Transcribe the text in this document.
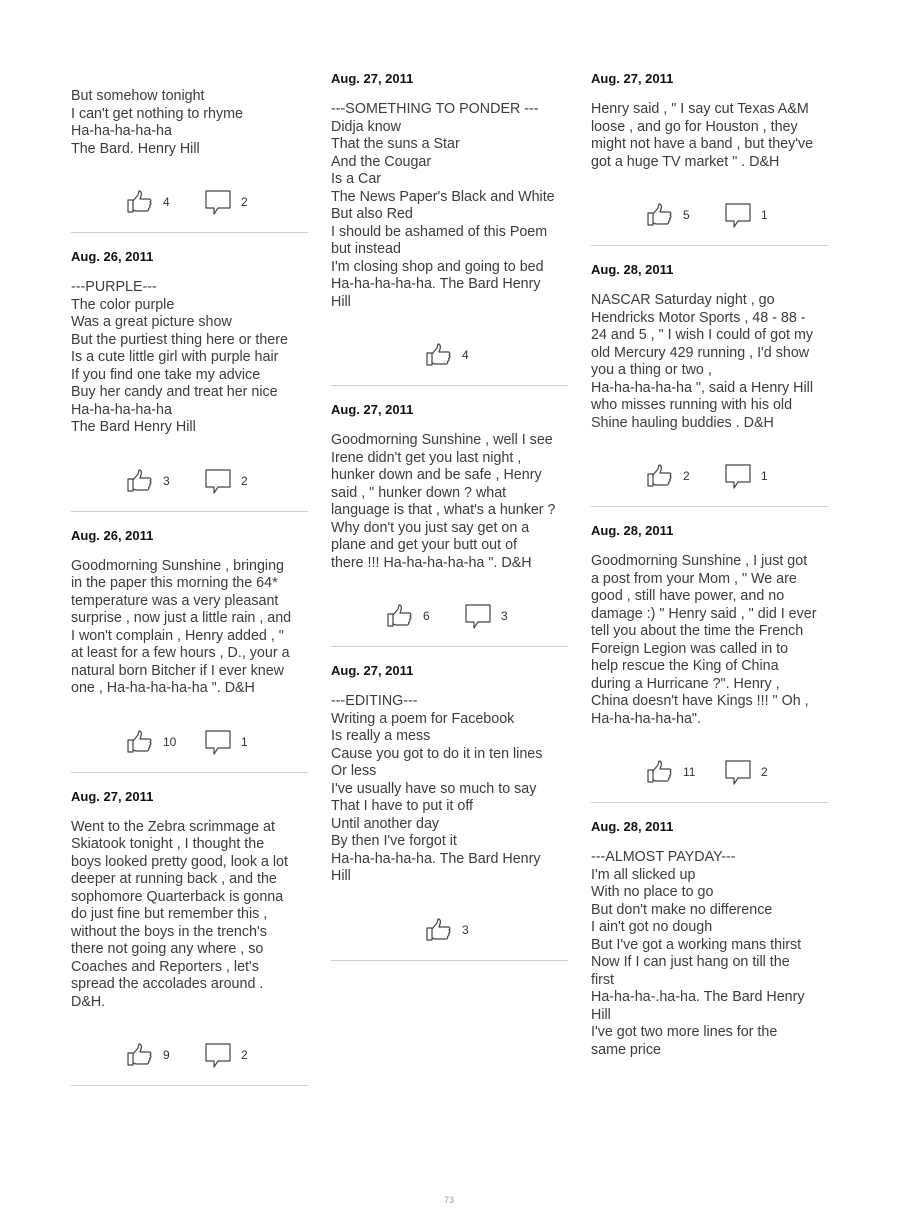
But somehow tonight
I can't get nothing to rhyme
Ha-ha-ha-ha-ha
The Bard. Henry Hill

4	2
Aug. 26, 2011

---PURPLE---
The color purple
Was a great picture show
But the purtiest thing here or there
Is a cute little girl with purple hair
If you find one take my advice
Buy her candy and treat her nice
Ha-ha-ha-ha-ha
The Bard Henry Hill

3	2
Aug. 26, 2011

Goodmorning Sunshine , bringing
in the paper this morning the 64*
temperature was a very pleasant
surprise , now just a little rain , and
I won't complain , Henry added , "
at least for a few hours , D., your a
natural born Bitcher if I ever knew
one , Ha-ha-ha-ha-ha ". D&H

10	1
Aug. 27, 2011

Went to the Zebra scrimmage at
Skiatook tonight , I thought the
boys looked pretty good, look a lot
deeper at running back , and the
sophomore Quarterback is gonna
do just fine but remember this ,
without the boys in the trench's
there not going any where , so
Coaches and Reporters , let's
spread the accolades around .
D&H.

9	2
Aug. 27, 2011

---SOMETHING TO PONDER ---
Didja know
That the suns a Star
And the Cougar
Is a Car
The News Paper's Black and White
But also Red
I should be ashamed of this Poem
but instead
I'm closing shop and going to bed
Ha-ha-ha-ha-ha. The Bard Henry
Hill

4
Aug. 27, 2011

Goodmorning Sunshine , well I see
Irene didn't get you last night ,
hunker down and be safe , Henry
said , " hunker down ? what
language is that , what's a hunker ?
Why don't you just say get on a
plane and get your butt out of
there !!! Ha-ha-ha-ha-ha ". D&H

6	3
Aug. 27, 2011

---EDITING---
Writing a poem for Facebook
Is really a mess
Cause you got to do it in ten lines
Or less
I've usually have so much to say
That I have to put it off
Until another day
By then I've forgot it
Ha-ha-ha-ha-ha. The Bard Henry
Hill

3
Aug. 27, 2011

Henry said , " I say cut Texas A&M
loose , and go for Houston , they
might not have a band , but they've
got a huge TV market " . D&H

5	1
Aug. 28, 2011

NASCAR Saturday night , go
Hendricks Motor Sports , 48 - 88 -
24 and 5 , " I wish I could of got my
old Mercury 429 running , I'd show
you a thing or two ,
Ha-ha-ha-ha-ha ", said a Henry Hill
who misses running with his old
Shine hauling buddies . D&H

2	1
Aug. 28, 2011

Goodmorning Sunshine , I just got
a post from your Mom , " We are
good , still have power, and no
damage :) " Henry said , " did I ever
tell you about the time the French
Foreign Legion was called in to
help rescue the King of China
during a Hurricane ?". Henry ,
China doesn't have Kings !!! " Oh ,
Ha-ha-ha-ha-ha".

11	2
Aug. 28, 2011

---ALMOST PAYDAY---
I'm all slicked up
With no place to go
But don't make no difference
I ain't got no dough
But I've got a working mans thirst
Now If I can just hang on till the
first
Ha-ha-ha-.ha-ha. The Bard Henry
Hill
I've got two more lines for the
same price

73
